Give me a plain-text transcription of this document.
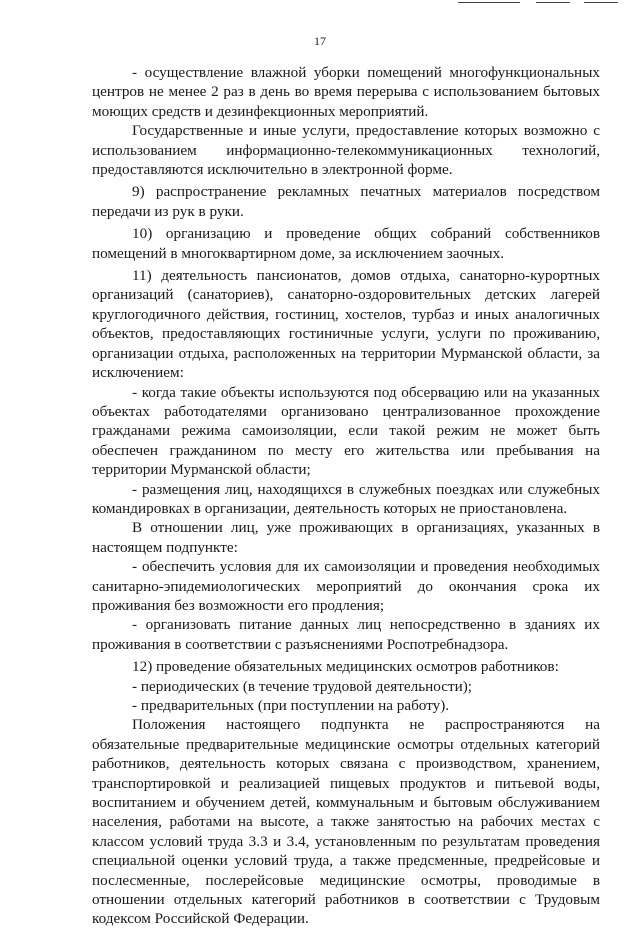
17

- осуществление влажной уборки помещений многофункциональных центров не менее 2 раз в день во время перерыва с использованием бытовых моющих средств и дезинфекционных мероприятий.

Государственные и иные услуги, предоставление которых возможно с использованием информационно-телекоммуникационных технологий, предоставляются исключительно в электронной форме.

9) распространение рекламных печатных материалов посредством передачи из рук в руки.

10) организацию и проведение общих собраний собственников помещений в многоквартирном доме, за исключением заочных.

11) деятельность пансионатов, домов отдыха, санаторно-курортных организаций (санаториев), санаторно-оздоровительных детских лагерей круглогодичного действия, гостиниц, хостелов, турбаз и иных аналогичных объектов, предоставляющих гостиничные услуги, услуги по проживанию, организации отдыха, расположенных на территории Мурманской области, за исключением:

- когда такие объекты используются под обсервацию или на указанных объектах работодателями организовано централизованное прохождение гражданами режима самоизоляции, если такой режим не может быть обеспечен гражданином по месту его жительства или пребывания на территории Мурманской области;

- размещения лиц, находящихся в служебных поездках или служебных командировках в организации, деятельность которых не приостановлена.

В отношении лиц, уже проживающих в организациях, указанных в настоящем подпункте:

- обеспечить условия для их самоизоляции и проведения необходимых санитарно-эпидемиологических мероприятий до окончания срока их проживания без возможности его продления;

- организовать питание данных лиц непосредственно в зданиях их проживания в соответствии с разъяснениями Роспотребнадзора.

12) проведение обязательных медицинских осмотров работников:

- периодических (в течение трудовой деятельности);

- предварительных (при поступлении на работу).

Положения настоящего подпункта не распространяются на обязательные предварительные медицинские осмотры отдельных категорий работников, деятельность которых связана с производством, хранением, транспортировкой и реализацией пищевых продуктов и питьевой воды, воспитанием и обучением детей, коммунальным и бытовым обслуживанием населения, работами на высоте, а также занятостью на рабочих местах с классом условий труда 3.3 и 3.4, установленным по результатам проведения специальной оценки условий труда, а также предсменные, предрейсовые и послесменные, послерейсовые медицинские осмотры, проводимые в отношении отдельных категорий работников в соответствии с Трудовым кодексом Российской Федерации.
